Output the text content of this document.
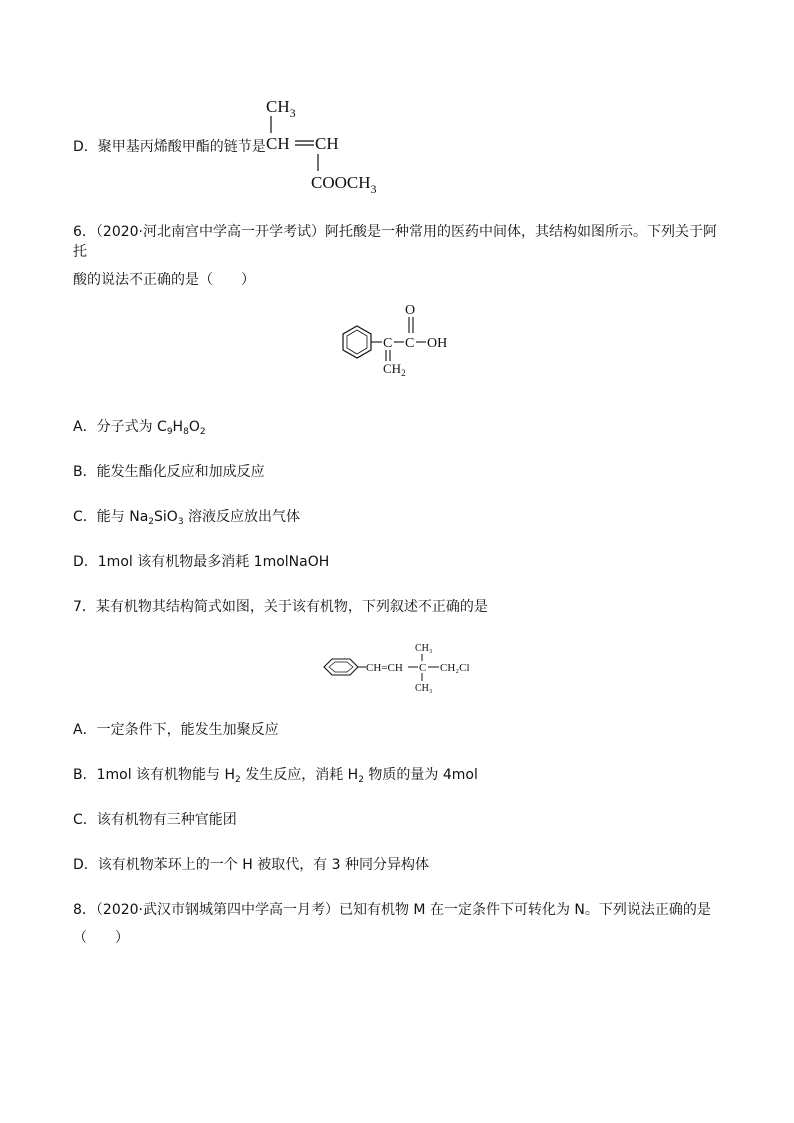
D．聚甲基丙烯酸甲酯的链节是
$CH_3$
CH CH
$COOCH_3$
6．（2020·河北南宫中学高一开学考试）阿托酸是一种常用的医药中间体，其结构如图所示。下列关于阿托
酸的说法不正确的是（　　）
C C
O
OH
$CH_2$
A．分子式为 $C_9H_8O_2$
B．能发生酯化反应和加成反应
C．能与 $Na_2SiO_3$ 溶液反应放出气体
D．1mol 该有机物最多消耗 1molNaOH
7．某有机物其结构简式如图，关于该有机物，下列叙述不正确的是
CH=CH C
CH₃
CH₃
CH₂Cl
A．一定条件下，能发生加聚反应
B．1mol 该有机物能与 $H_2$ 发生反应，消耗 $H_2$ 物质的量为 4mol
C．该有机物有三种官能团
D．该有机物苯环上的一个 H 被取代，有 3 种同分异构体
8．（2020·武汉市钢城第四中学高一月考）已知有机物 M 在一定条件下可转化为 N。下列说法正确的是
（　　）
